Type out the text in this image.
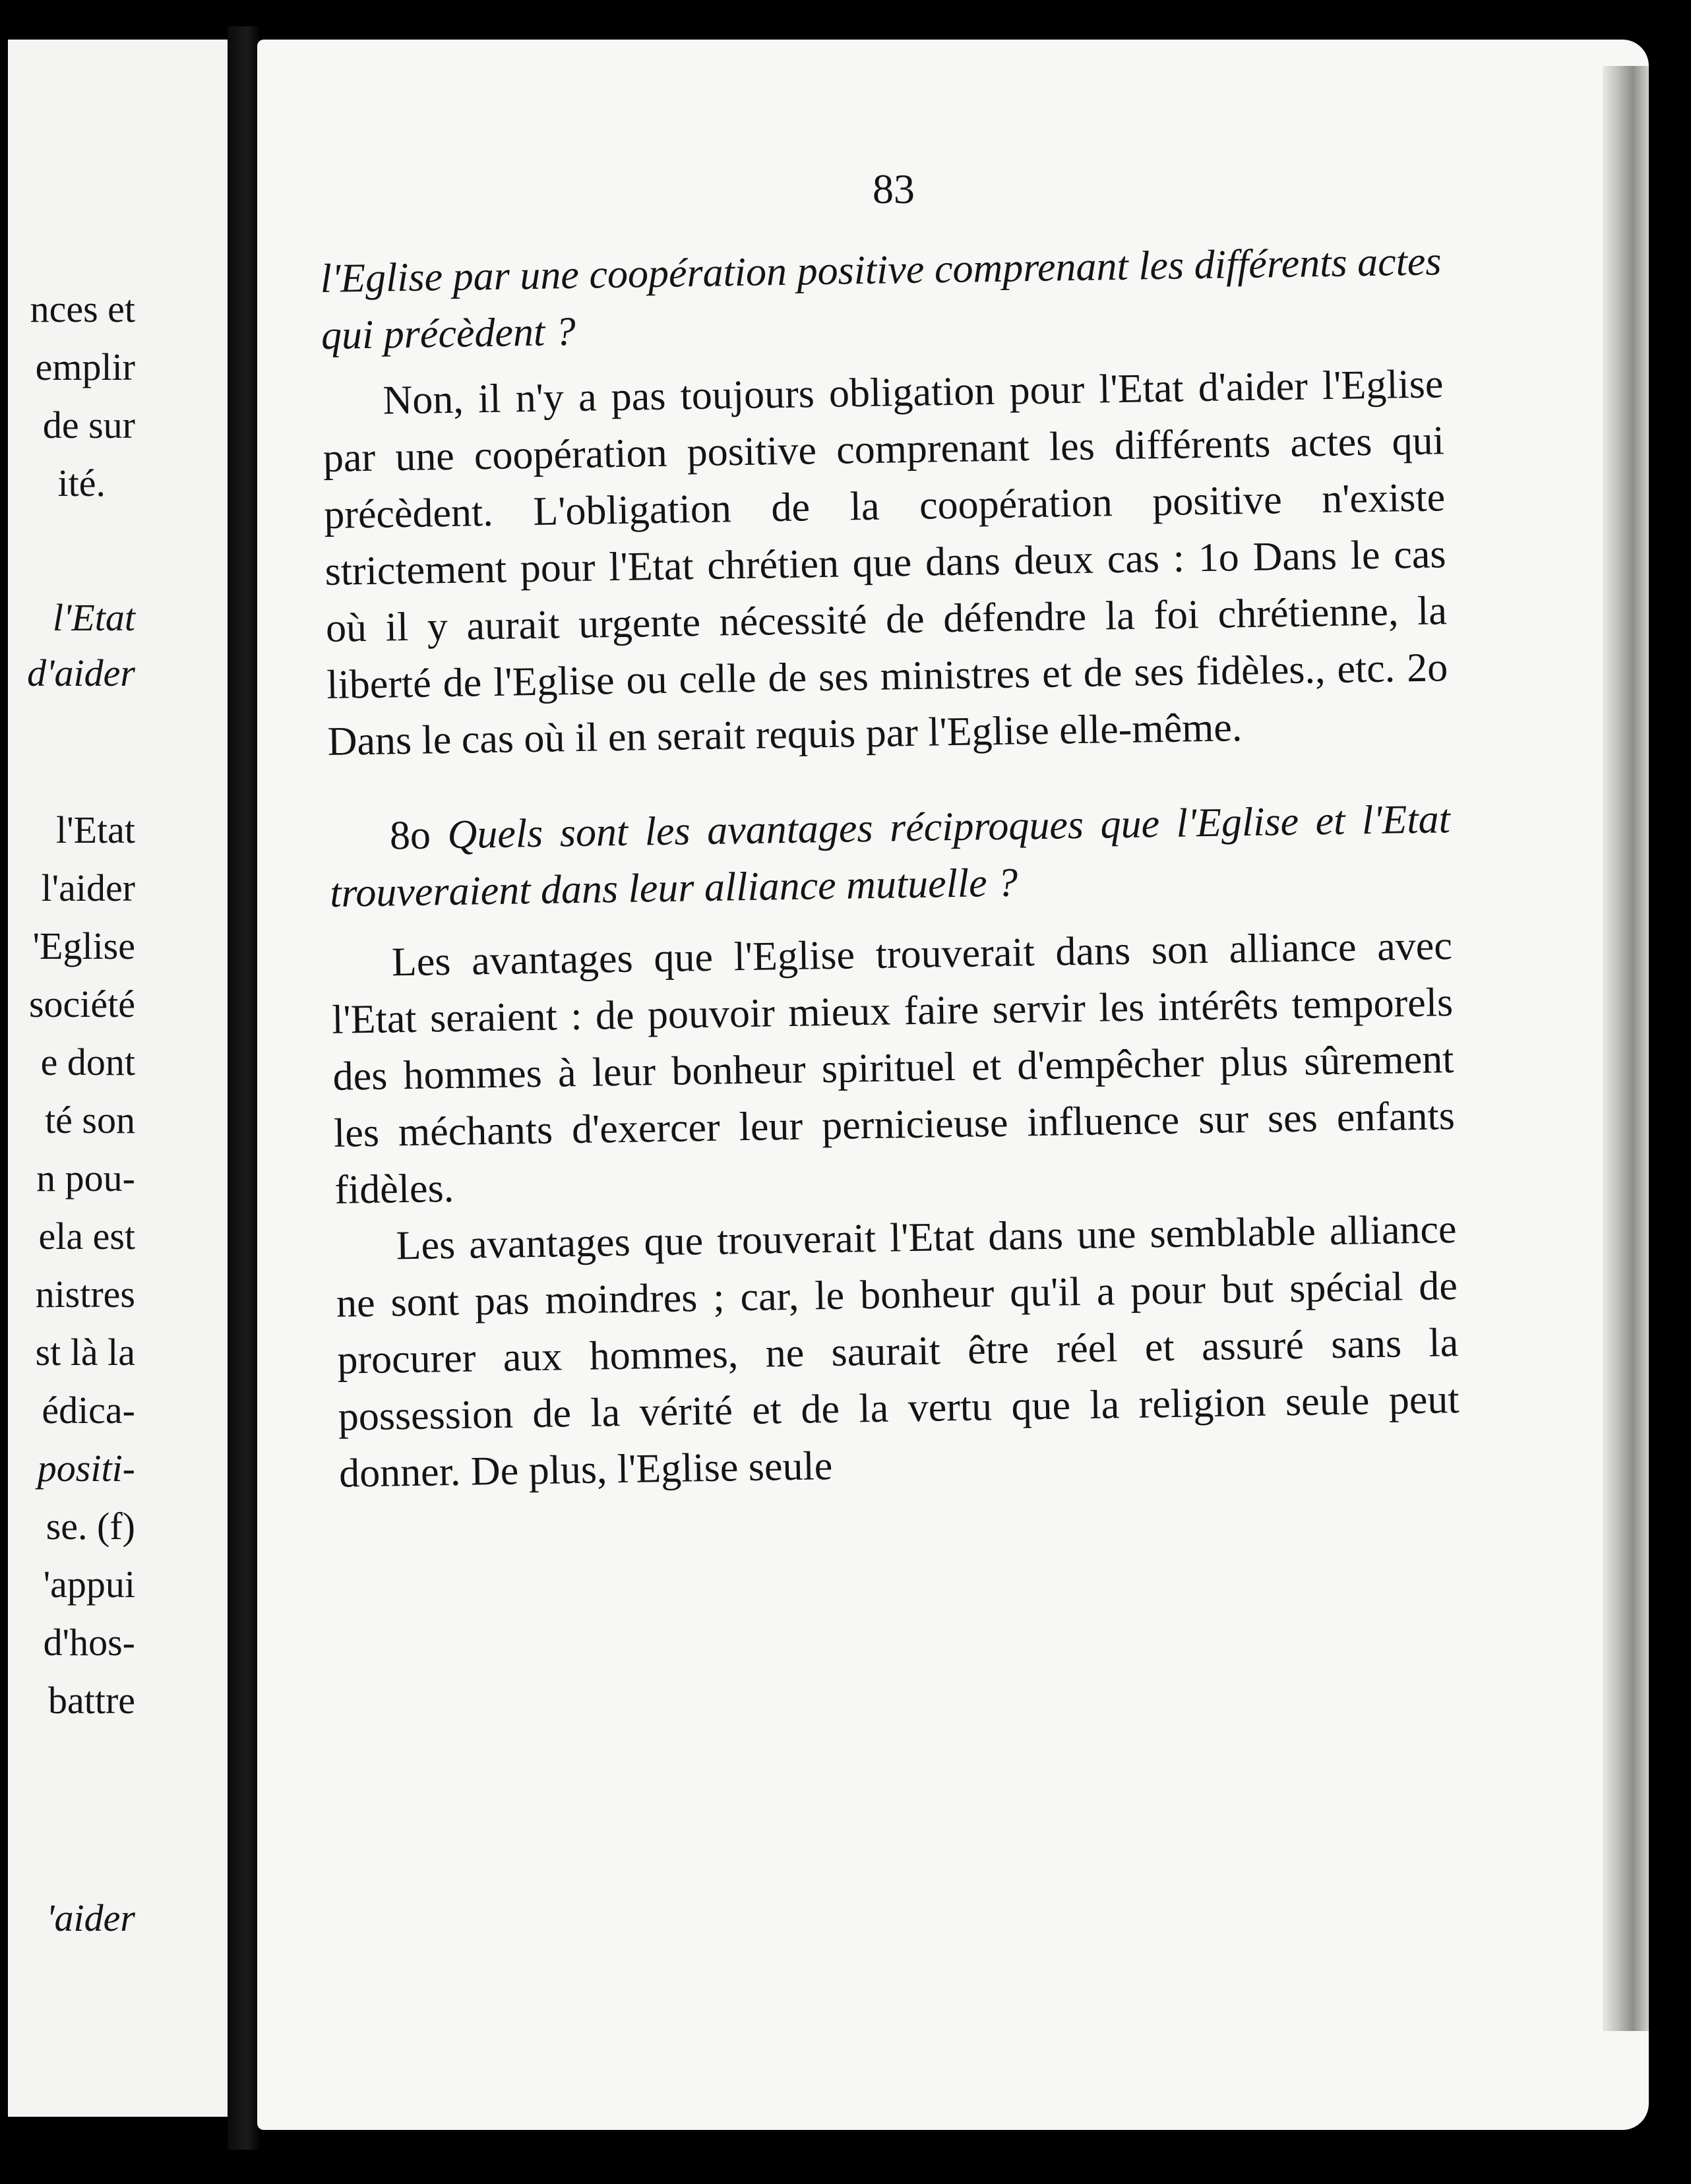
nces et
emplir
de sur
ité.
l'Etat
d'aider
l'Etat
l'aider
'Eglise
société
e dont
té son
n pou-
ela est
nistres
st là la
édica-
positi-
se. (f)
'appui
d'hos-
battre
'aider
83

l'Eglise par une coopération positive comprenant les différents actes qui précèdent ?

Non, il n'y a pas toujours obligation pour l'Etat d'aider l'Eglise par une coopération positive comprenant les différents actes qui précèdent. L'obligation de la coopération positive n'existe strictement pour l'Etat chrétien que dans deux cas : 1o Dans le cas où il y aurait urgente nécessité de défendre la foi chrétienne, la liberté de l'Eglise ou celle de ses ministres et de ses fidèles., etc. 2o Dans le cas où il en serait requis par l'Eglise elle-même.

8o Quels sont les avantages réciproques que l'Eglise et l'Etat trouveraient dans leur alliance mutuelle ?

Les avantages que l'Eglise trouverait dans son alliance avec l'Etat seraient : de pouvoir mieux faire servir les intérêts temporels des hommes à leur bonheur spirituel et d'empêcher plus sûrement les méchants d'exercer leur pernicieuse influence sur ses enfants fidèles.

Les avantages que trouverait l'Etat dans une semblable alliance ne sont pas moindres ; car, le bonheur qu'il a pour but spécial de procurer aux hommes, ne saurait être réel et assuré sans la possession de la vérité et de la vertu que la religion seule peut donner. De plus, l'Eglise seule
